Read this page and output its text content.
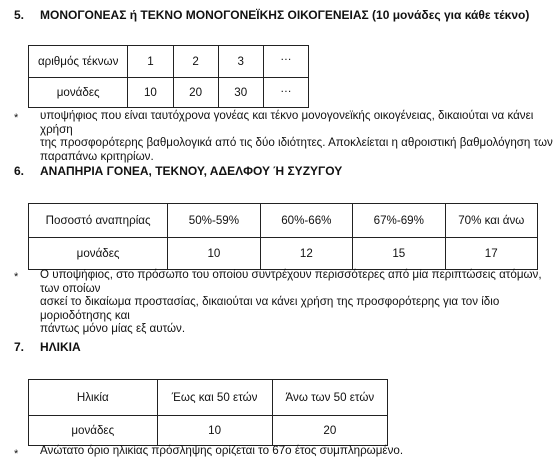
5. ΜΟΝΟΓΟΝΕΑΣ ή ΤΕΚΝΟ ΜΟΝΟΓΟΝΕΪΚΗΣ ΟΙΚΟΓΕΝΕΙΑΣ (10 μονάδες για κάθε τέκνο)
αριθμός τέκνων	1	2	3	…
μονάδες	10	20	30	…
* υποψήφιος που είναι ταυτόχρονα γονέας και τέκνο μονογονεϊκής οικογένειας, δικαιούται να κάνει χρήση
της προσφορότερης βαθμολογικά από τις δύο ιδιότητες. Αποκλείεται η αθροιστική βαθμολόγηση των
παραπάνω κριτηρίων.
6. ΑΝΑΠΗΡΙΑ ΓΟΝΕΑ, ΤΕΚΝΟΥ, ΑΔΕΛΦΟΥ Ή ΣΥΖΥΓΟΥ
Ποσοστό αναπηρίας	50%-59%	60%-66%	67%-69%	70% και άνω
μονάδες	10	12	15	17
* Ο υποψήφιος, στο πρόσωπο του οποίου συντρέχουν περισσότερες από μία περιπτώσεις ατόμων, των οποίων
ασκεί το δικαίωμα προστασίας, δικαιούται να κάνει χρήση της προσφορότερης για τον ίδιο μοριοδότησης και
πάντως μόνο μίας εξ αυτών.
7. ΗΛΙΚΙΑ
Ηλικία	Έως και 50 ετών	Άνω των 50 ετών
μονάδες	10	20
* Ανώτατο όριο ηλικίας πρόσληψης ορίζεται το 67ο έτος συμπληρωμένο.
